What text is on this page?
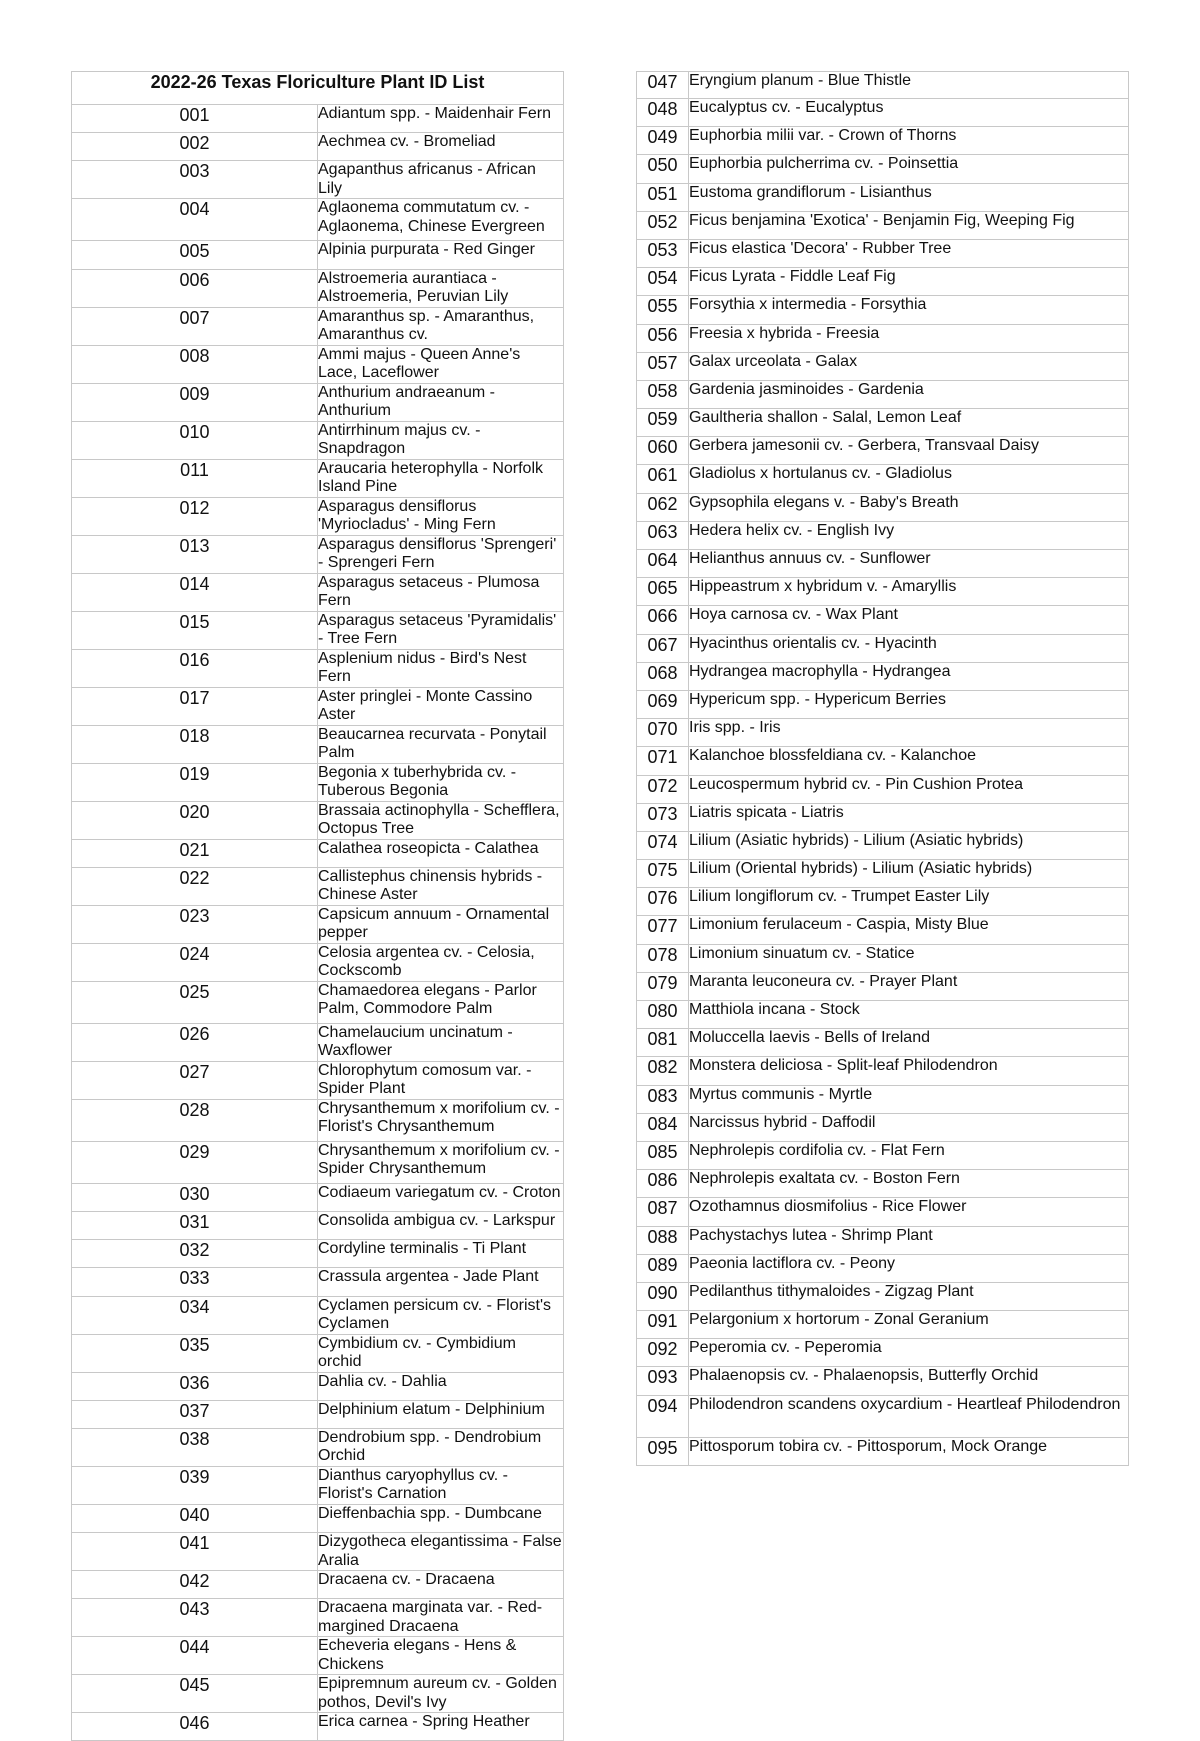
2022-26 Texas Floriculture Plant ID List	
001	Adiantum spp. - Maidenhair Fern
002	Aechmea cv. - Bromeliad
003	Agapanthus africanus - African Lily
004	Aglaonema commutatum cv. - Aglaonema, Chinese Evergreen
005	Alpinia purpurata - Red Ginger
006	Alstroemeria aurantiaca - Alstroemeria, Peruvian Lily
007	Amaranthus sp. - Amaranthus, Amaranthus cv.
008	Ammi majus - Queen Anne's Lace, Laceflower
009	Anthurium andraeanum - Anthurium
010	Antirrhinum majus cv. - Snapdragon
011	Araucaria heterophylla - Norfolk Island Pine
012	Asparagus densiflorus 'Myriocladus' - Ming Fern
013	Asparagus densiflorus 'Sprengeri' - Sprengeri Fern
014	Asparagus setaceus - Plumosa Fern
015	Asparagus setaceus 'Pyramidalis' - Tree Fern
016	Asplenium nidus - Bird's Nest Fern
017	Aster pringlei - Monte Cassino Aster
018	Beaucarnea recurvata - Ponytail Palm
019	Begonia x tuberhybrida cv. - Tuberous Begonia
020	Brassaia actinophylla - Schefflera, Octopus Tree
021	Calathea roseopicta - Calathea
022	Callistephus chinensis hybrids - Chinese Aster
023	Capsicum annuum - Ornamental pepper
024	Celosia argentea cv. - Celosia, Cockscomb
025	Chamaedorea elegans - Parlor Palm, Commodore Palm
026	Chamelaucium uncinatum - Waxflower
027	Chlorophytum comosum var. - Spider Plant
028	Chrysanthemum x morifolium cv. - Florist's Chrysanthemum
029	Chrysanthemum x morifolium cv. - Spider Chrysanthemum
030	Codiaeum variegatum cv. - Croton
031	Consolida ambigua cv. - Larkspur
032	Cordyline terminalis - Ti Plant
033	Crassula argentea - Jade Plant
034	Cyclamen persicum cv. - Florist's Cyclamen
035	Cymbidium cv. - Cymbidium orchid
036	Dahlia cv. - Dahlia
037	Delphinium elatum - Delphinium
038	Dendrobium spp. - Dendrobium Orchid
039	Dianthus caryophyllus cv. - Florist's Carnation
040	Dieffenbachia spp. - Dumbcane
041	Dizygotheca elegantissima - False Aralia
042	Dracaena cv. - Dracaena
043	Dracaena marginata var. - Red-margined Dracaena
044	Echeveria elegans - Hens & Chickens
045	Epipremnum aureum cv. - Golden pothos, Devil's Ivy
046	Erica carnea - Spring Heather
047	Eryngium planum - Blue Thistle
048	Eucalyptus cv. - Eucalyptus
049	Euphorbia milii var. - Crown of Thorns
050	Euphorbia pulcherrima cv. - Poinsettia
051	Eustoma grandiflorum - Lisianthus
052	Ficus benjamina 'Exotica' - Benjamin Fig, Weeping Fig
053	Ficus elastica 'Decora' - Rubber Tree
054	Ficus Lyrata - Fiddle Leaf Fig
055	Forsythia x intermedia - Forsythia
056	Freesia x hybrida - Freesia
057	Galax urceolata - Galax
058	Gardenia jasminoides - Gardenia
059	Gaultheria shallon - Salal, Lemon Leaf
060	Gerbera jamesonii cv. - Gerbera, Transvaal Daisy
061	Gladiolus x hortulanus cv. - Gladiolus
062	Gypsophila elegans v. - Baby's Breath
063	Hedera helix cv. - English Ivy
064	Helianthus annuus cv. - Sunflower
065	Hippeastrum x hybridum v. - Amaryllis
066	Hoya carnosa cv. - Wax Plant
067	Hyacinthus orientalis cv. - Hyacinth
068	Hydrangea macrophylla - Hydrangea
069	Hypericum spp. - Hypericum Berries
070	Iris spp. - Iris
071	Kalanchoe blossfeldiana cv. - Kalanchoe
072	Leucospermum hybrid cv. - Pin Cushion Protea
073	Liatris spicata - Liatris
074	Lilium (Asiatic hybrids) - Lilium (Asiatic hybrids)
075	Lilium (Oriental hybrids) - Lilium (Asiatic hybrids)
076	Lilium longiflorum cv. - Trumpet Easter Lily
077	Limonium ferulaceum - Caspia, Misty Blue
078	Limonium sinuatum cv. - Statice
079	Maranta leuconeura cv. - Prayer Plant
080	Matthiola incana - Stock
081	Moluccella laevis - Bells of Ireland
082	Monstera deliciosa - Split-leaf Philodendron
083	Myrtus communis - Myrtle
084	Narcissus hybrid - Daffodil
085	Nephrolepis cordifolia cv. - Flat Fern
086	Nephrolepis exaltata cv. - Boston Fern
087	Ozothamnus diosmifolius - Rice Flower
088	Pachystachys lutea - Shrimp Plant
089	Paeonia lactiflora cv. - Peony
090	Pedilanthus tithymaloides - Zigzag Plant
091	Pelargonium x hortorum - Zonal Geranium
092	Peperomia cv. - Peperomia
093	Phalaenopsis cv. - Phalaenopsis, Butterfly Orchid
094	Philodendron scandens oxycardium - Heartleaf Philodendron
095	Pittosporum tobira cv. - Pittosporum, Mock Orange
